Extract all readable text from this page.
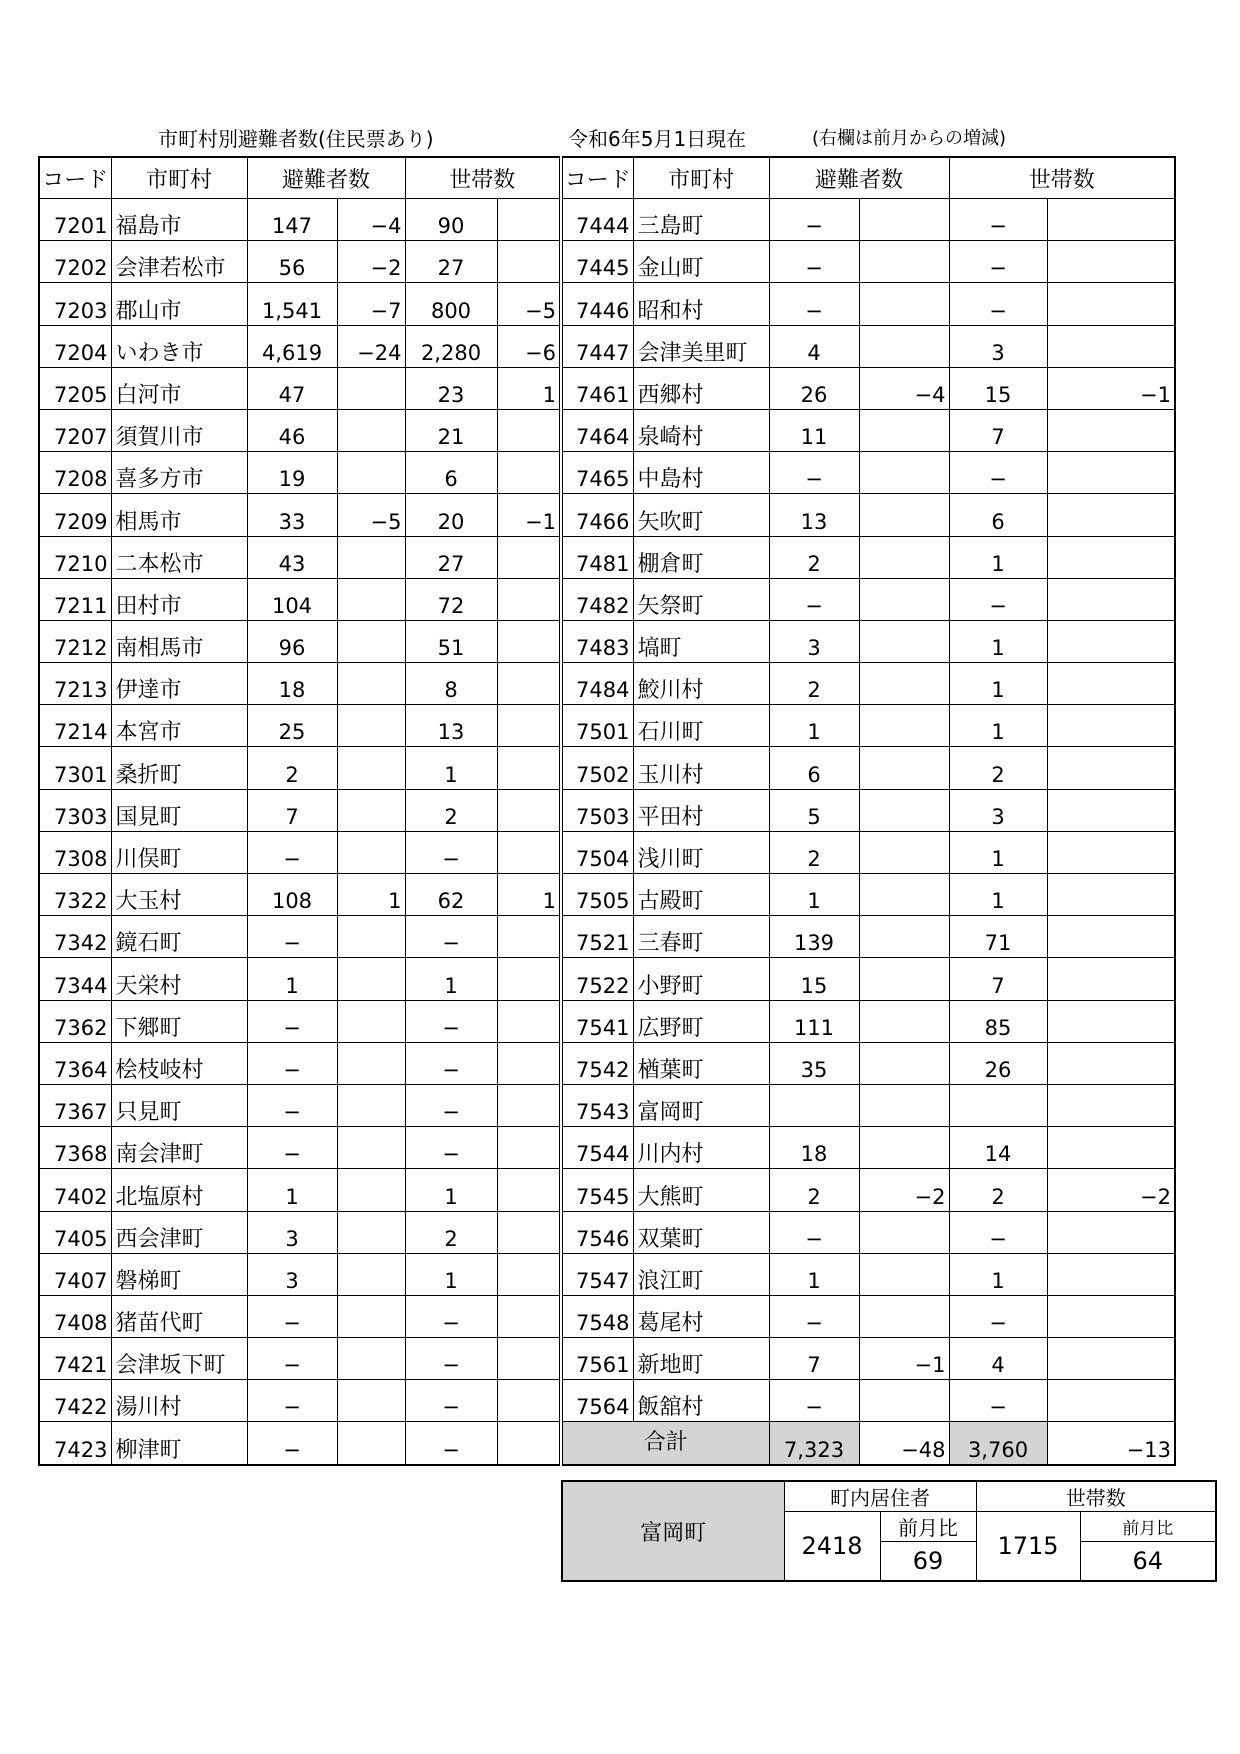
市町村別避難者数(住民票あり)	令和6年5月1日現在	(右欄は前月からの増減)
コード	市町村	避難者数		世帯数		コード	市町村	避難者数		世帯数	
7201	福島市	147	−4	90		7444	三島町	−		−	
7202	会津若松市	56	−2	27		7445	金山町	−		−	
7203	郡山市	1,541	−7	800	−5	7446	昭和村	−		−	
7204	いわき市	4,619	−24	2,280	−6	7447	会津美里町	4		3	
7205	白河市	47		23	1	7461	西郷村	26	−4	15	−1
7207	須賀川市	46		21		7464	泉崎村	11		7	
7208	喜多方市	19		6		7465	中島村	−		−	
7209	相馬市	33	−5	20	−1	7466	矢吹町	13		6	
7210	二本松市	43		27		7481	棚倉町	2		1	
7211	田村市	104		72		7482	矢祭町	−		−	
7212	南相馬市	96		51		7483	塙町	3		1	
7213	伊達市	18		8		7484	鮫川村	2		1	
7214	本宮市	25		13		7501	石川町	1		1	
7301	桑折町	2		1		7502	玉川村	6		2	
7303	国見町	7		2		7503	平田村	5		3	
7308	川俣町	−		−		7504	浅川町	2		1	
7322	大玉村	108	1	62	1	7505	古殿町	1		1	
7342	鏡石町	−		−		7521	三春町	139		71	
7344	天栄村	1		1		7522	小野町	15		7	
7362	下郷町	−		−		7541	広野町	111		85	
7364	桧枝岐村	−		−		7542	楢葉町	35		26	
7367	只見町	−		−		7543	富岡町				
7368	南会津町	−		−		7544	川内村	18		14	
7402	北塩原村	1		1		7545	大熊町	2	−2	2	−2
7405	西会津町	3		2		7546	双葉町	−		−	
7407	磐梯町	3		1		7547	浪江町	1		1	
7408	猪苗代町	−		−		7548	葛尾村	−		−	
7421	会津坂下町	−		−		7561	新地町	7	−1	4	
7422	湯川村	−		−		7564	飯舘村	−		−	
7423	柳津町	−		−		合計		7,323	−48	3,760	−13
富岡町	町内居住者		世帯数	
	2418	前月比	1715	前月比
		69		64
